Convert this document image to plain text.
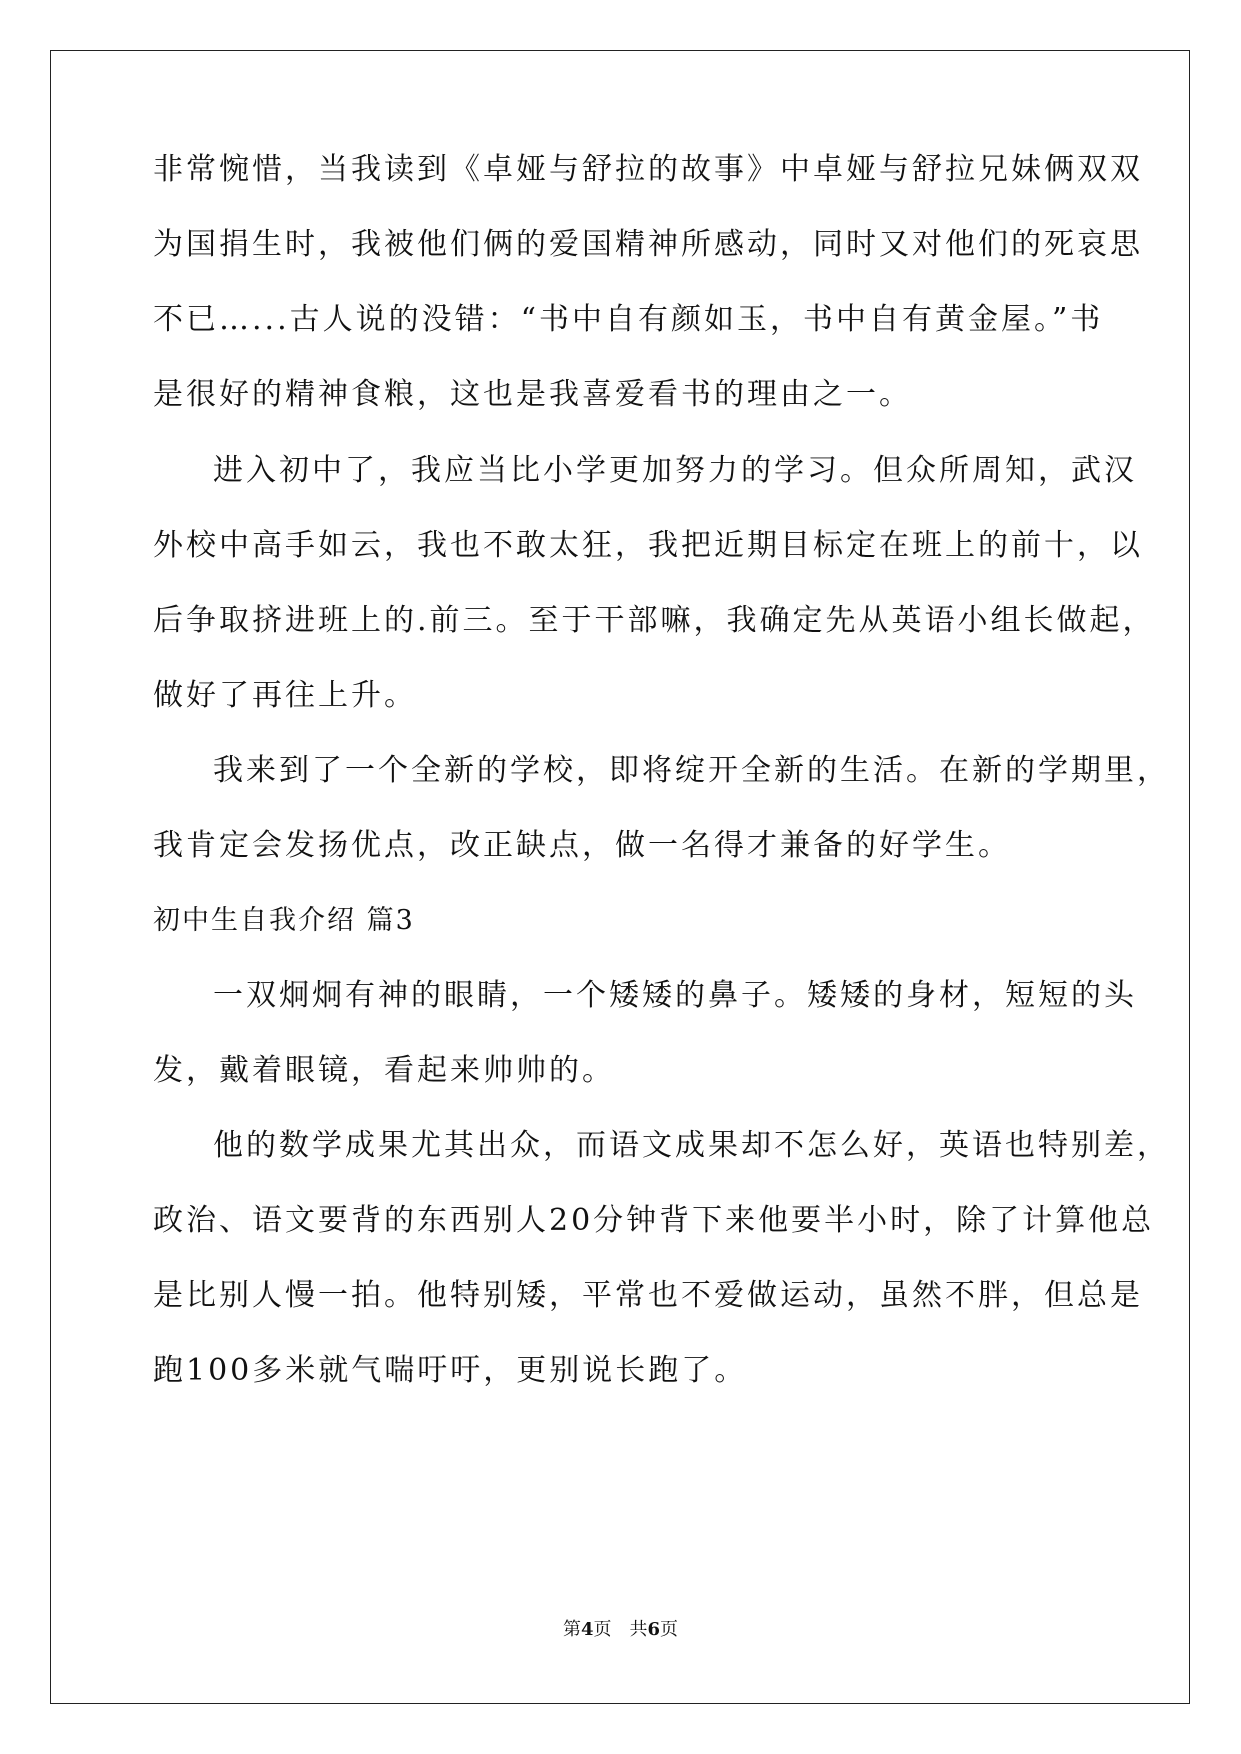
非常惋惜，当我读到《卓娅与舒拉的故事》中卓娅与舒拉兄妹俩双双
为国捐生时，我被他们俩的爱国精神所感动，同时又对他们的死哀思
不已…...古人说的没错：“书中自有颜如玉，书中自有黄金屋。”书
是很好的精神食粮，这也是我喜爱看书的理由之一。
进入初中了，我应当比小学更加努力的学习。但众所周知，武汉
外校中高手如云，我也不敢太狂，我把近期目标定在班上的前十，以
后争取挤进班上的.前三。至于干部嘛，我确定先从英语小组长做起，
做好了再往上升。
我来到了一个全新的学校，即将绽开全新的生活。在新的学期里，
我肯定会发扬优点，改正缺点，做一名得才兼备的好学生。
初中生自我介绍 篇3
一双炯炯有神的眼睛，一个矮矮的鼻子。矮矮的身材，短短的头
发，戴着眼镜，看起来帅帅的。
他的数学成果尤其出众，而语文成果却不怎么好，英语也特别差，
政治、语文要背的东西别人20分钟背下来他要半小时，除了计算他总
是比别人慢一拍。他特别矮，平常也不爱做运动，虽然不胖，但总是
跑100多米就气喘吁吁，更别说长跑了。
第4页　共6页
